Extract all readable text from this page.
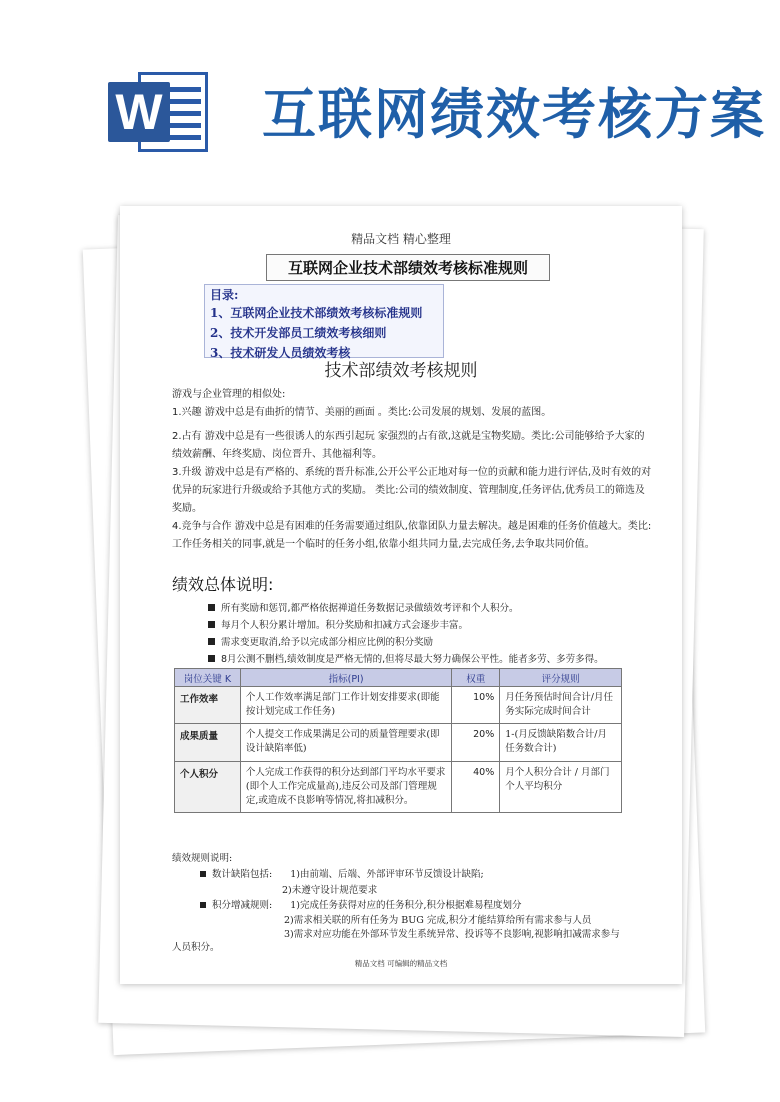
W 互联网绩效考核方案
精品文档 精心整理
互联网企业技术部绩效考核标准规则
目录:
1、互联网企业技术部绩效考核标准规则
2、技术开发部员工绩效考核细则
3、技术研发人员绩效考核
技术部绩效考核规则
游戏与企业管理的相似处:
1.兴趣 游戏中总是有曲折的情节、美丽的画面 。类比:公司发展的规划、发展的蓝图。
2.占有 游戏中总是有一些很诱人的东西引起玩 家强烈的占有欲,这就是宝物奖励。类比:公司能够给予大家的绩效薪酬、年终奖励、岗位晋升、其他福利等。
3.升级 游戏中总是有严格的、系统的晋升标准,公开公平公正地对每一位的贡献和能力进行评估,及时有效的对优异的玩家进行升级或给予其他方式的奖励。 类比:公司的绩效制度、管理制度,任务评估,优秀员工的筛选及奖励。
4.竞争与合作 游戏中总是有困难的任务需要通过组队,依靠团队力量去解决。越是困难的任务价值越大。类比:工作任务相关的同事,就是一个临时的任务小组,依靠小组共同力量,去完成任务,去争取共同价值。
绩效总体说明:
所有奖励和惩罚,都严格依据禅道任务数据记录做绩效考评和个人积分。
每月个人积分累计增加。积分奖励和扣减方式会逐步丰富。
需求变更取消,给予以完成部分相应比例的积分奖励
8月公测不删档,绩效制度是严格无情的,但将尽最大努力确保公平性。能者多劳、多劳多得。
岗位关键 K	指标(PI)	权重	评分规则
工作效率	个人工作效率满足部门工作计划安排要求(即能按计划完成工作任务)	10%	月任务预估时间合计/月任务实际完成时间合计
成果质量	个人提交工作成果满足公司的质量管理要求(即设计缺陷率低)	20%	1-(月反馈缺陷数合计/月任务数合计)
个人积分	个人完成工作获得的积分达到部门平均水平要求(即个人工作完成量高),违反公司及部门管理规定,或造成不良影响等情况,将扣减积分。	40%	月个人积分合计 / 月部门个人平均积分
绩效规则说明:
数计缺陷包括: 1)由前端、后端、外部评审环节反馈设计缺陷;
2)未遵守设计规范要求
积分增减规则: 1)完成任务获得对应的任务积分,积分根据难易程度划分
2)需求相关联的所有任务为 BUG 完成,积分才能结算给所有需求参与人员
3)需求对应功能在外部环节发生系统异常、投诉等不良影响,视影响扣减需求参与
人员积分。
精品文档 可编辑的精品文档
